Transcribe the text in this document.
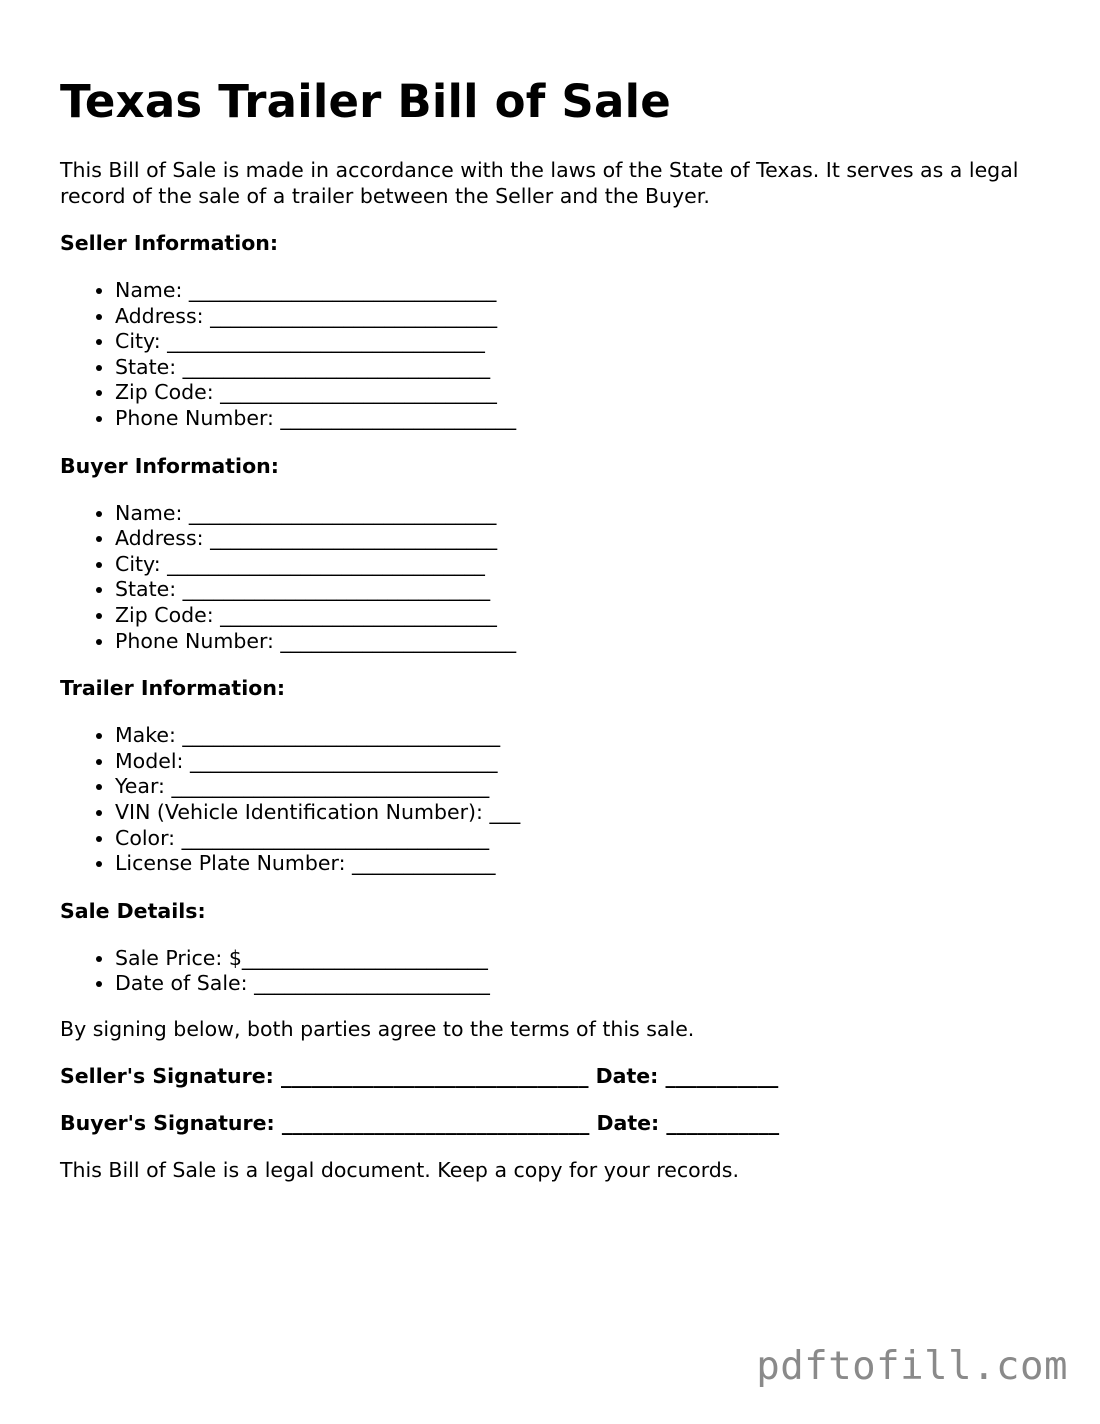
Texas Trailer Bill of Sale

This Bill of Sale is made in accordance with the laws of the State of Texas. It serves as a legal record of the sale of a trailer between the Seller and the Buyer.

Seller Information:
• Name: ______________________________
• Address: ____________________________
• City: _______________________________
• State: ______________________________
• Zip Code: ___________________________
• Phone Number: _______________________
Buyer Information:
• Name: ______________________________
• Address: ____________________________
• City: _______________________________
• State: ______________________________
• Zip Code: ___________________________
• Phone Number: _______________________
Trailer Information:
• Make: _______________________________
• Model: ______________________________
• Year: _______________________________
• VIN (Vehicle Identification Number): ___
• Color: ______________________________
• License Plate Number: ______________
Sale Details:
• Sale Price: $________________________
• Date of Sale: _______________________

By signing below, both parties agree to the terms of this sale.

Seller's Signature: ______________________________ Date: ___________

Buyer's Signature: ______________________________ Date: ___________

This Bill of Sale is a legal document. Keep a copy for your records.

pdftofill.com
